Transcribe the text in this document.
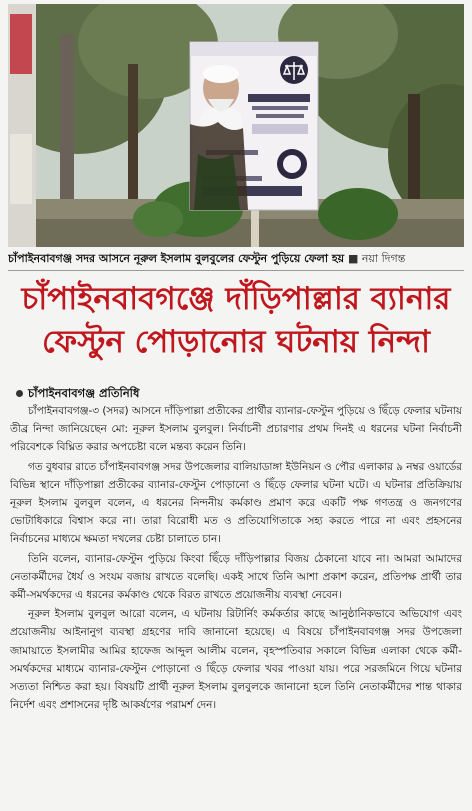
চাঁপাইনবাবগঞ্জ সদর আসনে নূরুল ইসলাম বুলবুলের ফেস্টুন পুড়িয়ে ফেলা হয় ■ নয়া দিগন্ত
চাঁপাইনবাবগঞ্জে দাঁড়িপাল্লার ব্যানার
ফেস্টুন পোড়ানোর ঘটনায় নিন্দা
চাঁপাইনবাবগঞ্জ প্রতিনিধি

চাঁপাইনবাবগঞ্জ-৩ (সদর) আসনে দাঁড়িপাল্লা প্রতীকের প্রার্থীর ব্যানার-ফেস্টুন পুড়িয়ে ও ছিঁড়ে ফেলার ঘটনায় তীব্র নিন্দা জানিয়েছেন মো: নূরুল ইসলাম বুলবুল। নির্বাচনী প্রচারণার প্রথম দিনই এ ধরনের ঘটনা নির্বাচনী পরিবেশকে বিঘ্নিত করার অপচেষ্টা বলে মন্তব্য করেন তিনি।

গত বুধবার রাতে চাঁপাইনবাবগঞ্জ সদর উপজেলার বালিয়াডাঙ্গা ইউনিয়ন ও পৌর এলাকার ৯ নম্বর ওয়ার্ডের বিভিন্ন স্থানে দাঁড়িপাল্লা প্রতীকের ব্যানার-ফেস্টুন পোড়ানো ও ছিঁড়ে ফেলার ঘটনা ঘটে। এ ঘটনার প্রতিক্রিয়ায় নূরুল ইসলাম বুলবুল বলেন, এ ধরনের নিন্দনীয় কর্মকাণ্ড প্রমাণ করে একটি পক্ষ গণতন্ত্র ও জনগণের ভোটাধিকারে বিশ্বাস করে না। তারা বিরোধী মত ও প্রতিযোগিতাকে সহ্য করতে পারে না এবং প্রহসনের নির্বাচনের মাধ্যমে ক্ষমতা দখলের চেষ্টা চালাতে চান।

তিনি বলেন, ব্যানার-ফেস্টুন পুড়িয়ে কিংবা ছিঁড়ে দাঁড়িপাল্লার বিজয় ঠেকানো যাবে না। আমরা আমাদের নেতাকর্মীদের ধৈর্য ও সংযম বজায় রাখতে বলেছি। একই সাথে তিনি আশা প্রকাশ করেন, প্রতিপক্ষ প্রার্থী তার কর্মী-সমর্থকদের এ ধরনের কর্মকাণ্ড থেকে বিরত রাখতে প্রয়োজনীয় ব্যবস্থা নেবেন।

নূরুল ইসলাম বুলবুল আরো বলেন, এ ঘটনায় রিটার্নিং কর্মকর্তার কাছে আনুষ্ঠানিকভাবে অভিযোগ এবং প্রয়োজনীয় আইনানুগ ব্যবস্থা গ্রহণের দাবি জানানো হয়েছে। এ বিষয়ে চাঁপাইনবাবগঞ্জ সদর উপজেলা জামায়াতে ইসলামীর আমির হাফেজ আব্দুল আলীম বলেন, বৃহস্পতিবার সকালে বিভিন্ন এলাকা থেকে কর্মী-সমর্থকদের মাধ্যমে ব্যানার-ফেস্টুন পোড়ানো ও ছিঁড়ে ফেলার খবর পাওয়া যায়। পরে সরজমিনে গিয়ে ঘটনার সত্যতা নিশ্চিত করা হয়। বিষয়টি প্রার্থী নূরুল ইসলাম বুলবুলকে জানানো হলে তিনি নেতাকর্মীদের শান্ত থাকার নির্দেশ এবং প্রশাসনের দৃষ্টি আকর্ষণের পরামর্শ দেন।
